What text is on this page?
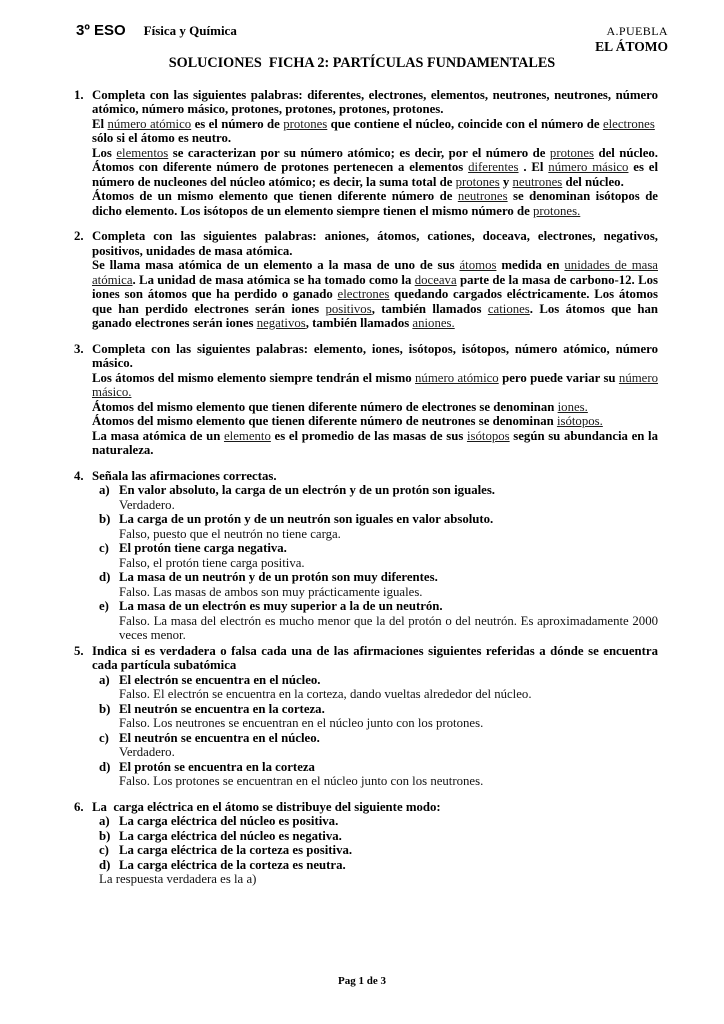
3º ESO Física y Química	A.PUEBLA
EL ÁTOMO
SOLUCIONES  FICHA 2: PARTÍCULAS FUNDAMENTALES

1. Completa con las siguientes palabras: diferentes, electrones, elementos, neutrones, neutrones, número atómico, número másico, protones, protones, protones, protones.

El número atómico es el número de protones que contiene el núcleo, coincide con el número de electrones  sólo si el átomo es neutro.

Los elementos se caracterizan por su número atómico; es decir, por el número de protones del núcleo. Átomos con diferente número de protones pertenecen a elementos diferentes . El número másico es el número de nucleones del núcleo atómico; es decir, la suma total de protones y neutrones del núcleo.

Átomos de un mismo elemento que tienen diferente número de neutrones se denominan isótopos de dicho elemento. Los isótopos de un elemento siempre tienen el mismo número de protones.

2. Completa con las siguientes palabras: aniones, átomos, cationes, doceava, electrones, negativos, positivos, unidades de masa atómica.

Se llama masa atómica de un elemento a la masa de uno de sus átomos medida en unidades de masa atómica. La unidad de masa atómica se ha tomado como la doceava parte de la masa de carbono-12. Los iones son átomos que ha perdido o ganado electrones quedando cargados eléctricamente. Los átomos que han perdido electrones serán iones positivos, también llamados cationes. Los átomos que han ganado electrones serán iones negativos, también llamados aniones.

3. Completa con las siguientes palabras: elemento, iones, isótopos, isótopos, número atómico, número másico.

Los átomos del mismo elemento siempre tendrán el mismo número atómico pero puede variar su número másico.

Átomos del mismo elemento que tienen diferente número de electrones se denominan iones.

Átomos del mismo elemento que tienen diferente número de neutrones se denominan isótopos.

La masa atómica de un elemento es el promedio de las masas de sus isótopos según su abundancia en la naturaleza.

4. Señala las afirmaciones correctas.

a) En valor absoluto, la carga de un electrón y de un protón son iguales.

Verdadero.

b) La carga de un protón y de un neutrón son iguales en valor absoluto.

Falso, puesto que el neutrón no tiene carga.

c) El protón tiene carga negativa.

Falso, el protón tiene carga positiva.

d) La masa de un neutrón y de un protón son muy diferentes.

Falso. Las masas de ambos son muy prácticamente iguales.

e) La masa de un electrón es muy superior a la de un neutrón.

Falso. La masa del electrón es mucho menor que la del protón o del neutrón. Es aproximadamente 2000 veces menor.

5. Indica si es verdadera o falsa cada una de las afirmaciones siguientes referidas a dónde se encuentra cada partícula subatómica

a) El electrón se encuentra en el núcleo.

Falso. El electrón se encuentra en la corteza, dando vueltas alrededor del núcleo.

b) El neutrón se encuentra en la corteza.

Falso. Los neutrones se encuentran en el núcleo junto con los protones.

c) El neutrón se encuentra en el núcleo.

Verdadero.

d) El protón se encuentra en la corteza

Falso. Los protones se encuentran en el núcleo junto con los neutrones.

6. La  carga eléctrica en el átomo se distribuye del siguiente modo:

a) La carga eléctrica del núcleo es positiva.

b) La carga eléctrica del núcleo es negativa.

c) La carga eléctrica de la corteza es positiva.

d) La carga eléctrica de la corteza es neutra.

La respuesta verdadera es la a)

Pag 1 de 3
